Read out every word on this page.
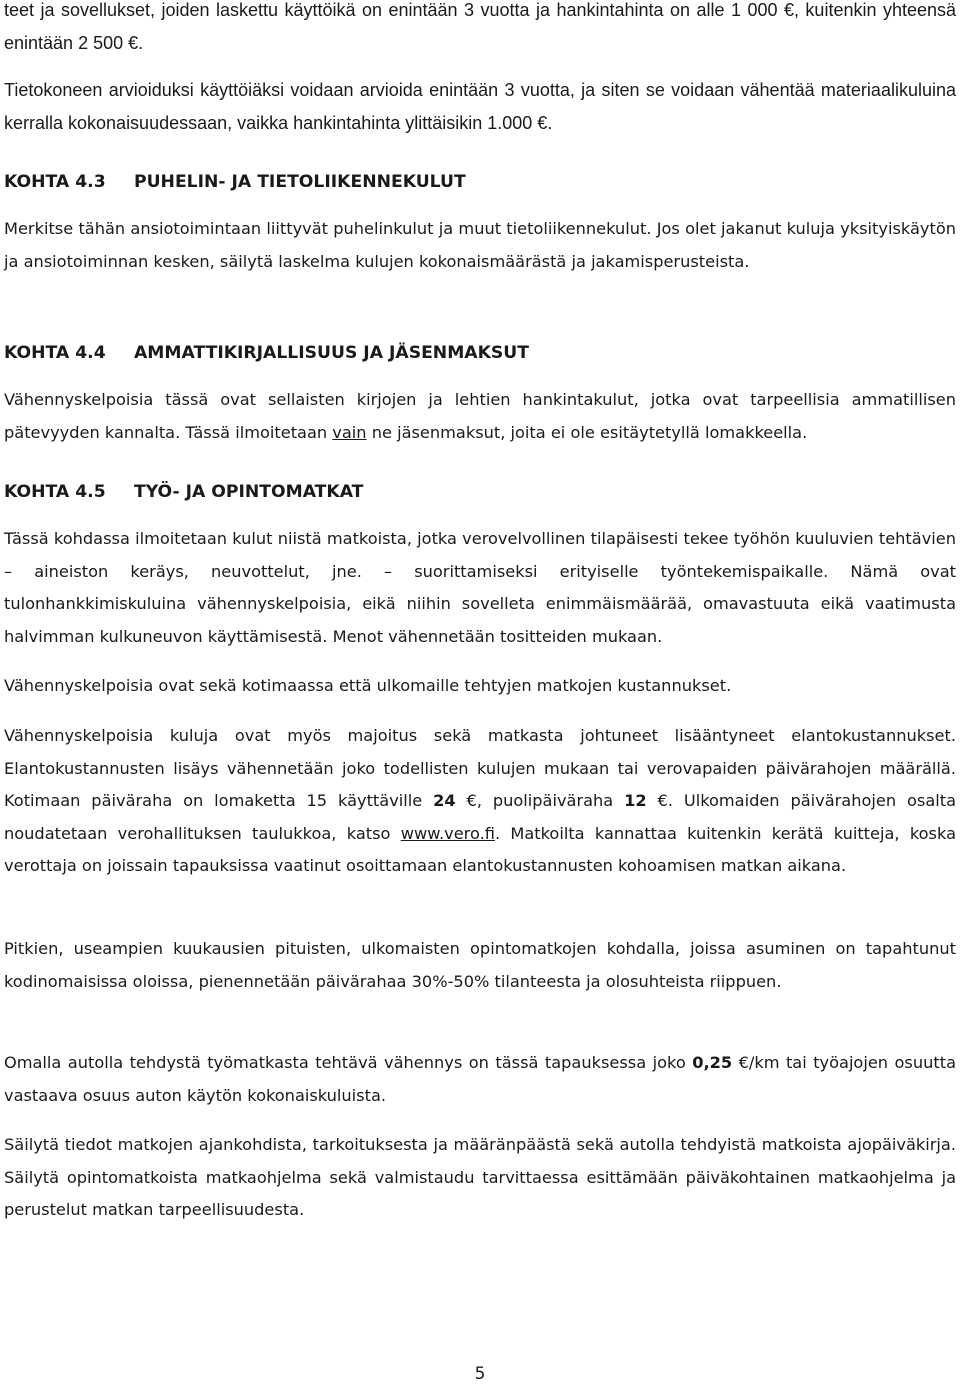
teet ja sovellukset, joiden laskettu käyttöikä on enintään 3 vuotta ja hankintahinta on alle 1 000 €, kuitenkin yhteensä enintään 2 500 €.

Tietokoneen arvioiduksi käyttöiäksi voidaan arvioida enintään 3 vuotta, ja siten se voidaan vähentää materiaalikuluina kerralla kokonaisuudessaan, vaikka hankintahinta ylittäisikin 1.000 €.

KOHTA 4.3	PUHELIN- JA TIETOLIIKENNEKULUT

Merkitse tähän ansiotoimintaan liittyvät puhelinkulut ja muut tietoliikennekulut. Jos olet jakanut kuluja yksityiskäytön ja ansiotoiminnan kesken, säilytä laskelma kulujen kokonaismäärästä ja jakamisperusteista.

KOHTA 4.4	AMMATTIKIRJALLISUUS JA JÄSENMAKSUT

Vähennyskelpoisia tässä ovat sellaisten kirjojen ja lehtien hankintakulut, jotka ovat tarpeellisia ammatillisen pätevyyden kannalta. Tässä ilmoitetaan vain ne jäsenmaksut, joita ei ole esitäytetyllä lomakkeella.

KOHTA 4.5	TYÖ- JA OPINTOMATKAT

Tässä kohdassa ilmoitetaan kulut niistä matkoista, jotka verovelvollinen tilapäisesti tekee työhön kuuluvien tehtävien – aineiston keräys, neuvottelut, jne. – suorittamiseksi erityiselle työntekemispaikalle. Nämä ovat tulonhankkimiskuluina vähennyskelpoisia, eikä niihin sovelleta enimmäismäärää, omavastuuta eikä vaatimusta halvimman kulkuneuvon käyttämisestä. Menot vähennetään tositteiden mukaan.

Vähennyskelpoisia ovat sekä kotimaassa että ulkomaille tehtyjen matkojen kustannukset.

Vähennyskelpoisia kuluja ovat myös majoitus sekä matkasta johtuneet lisääntyneet elantokustannukset. Elantokustannusten lisäys vähennetään joko todellisten kulujen mukaan tai verovapaiden päivärahojen määrällä. Kotimaan päiväraha on lomaketta 15 käyttäville 24 €, puolipäiväraha 12 €. Ulkomaiden päivärahojen osalta noudatetaan verohallituksen taulukkoa, katso www.vero.fi. Matkoilta kannattaa kuitenkin kerätä kuitteja, koska verottaja on joissain tapauksissa vaatinut osoittamaan elantokustannusten kohoamisen matkan aikana.

Pitkien, useampien kuukausien pituisten, ulkomaisten opintomatkojen kohdalla, joissa asuminen on tapahtunut kodinomaisissa oloissa, pienennetään päivärahaa 30%-50% tilanteesta ja olosuhteista riippuen.

Omalla autolla tehdystä työmatkasta tehtävä vähennys on tässä tapauksessa joko 0,25 €/km tai työajojen osuutta vastaava osuus auton käytön kokonaiskuluista.

Säilytä tiedot matkojen ajankohdista, tarkoituksesta ja määränpäästä sekä autolla tehdyistä matkoista ajopäiväkirja. Säilytä opintomatkoista matkaohjelma sekä valmistaudu tarvittaessa esittämään päiväkohtainen matkaohjelma ja perustelut matkan tarpeellisuudesta.

5
